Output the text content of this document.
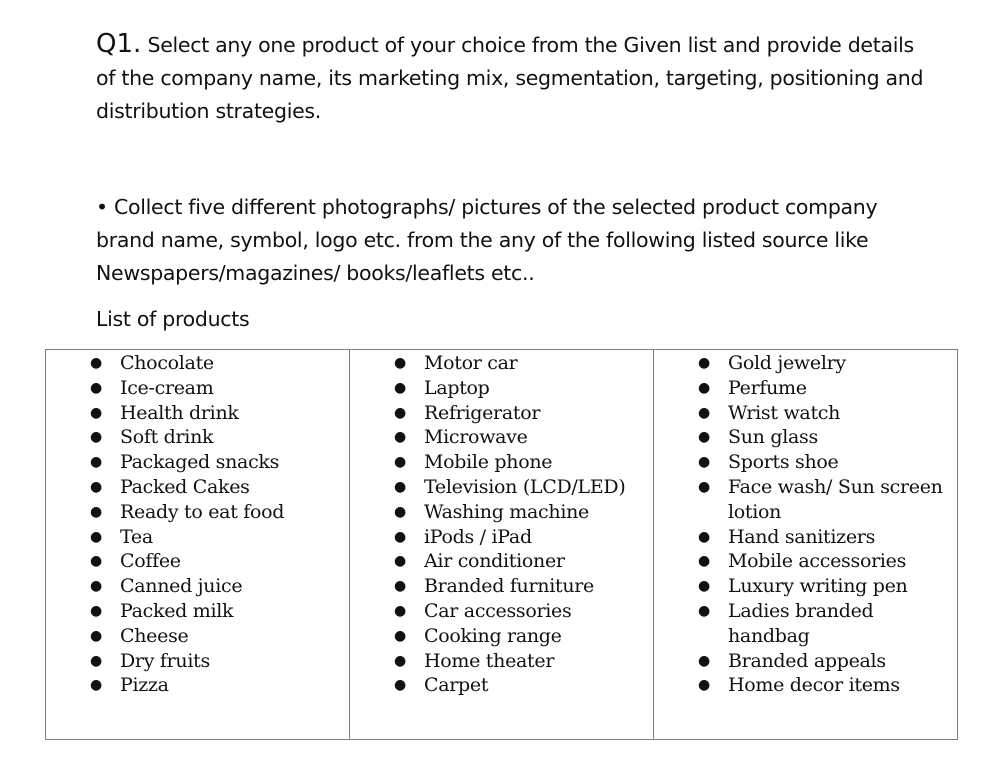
Q1. Select any one product of your choice from the Given list and provide details of the company name, its marketing mix, segmentation, targeting, positioning and distribution strategies.

• Collect five different photographs/ pictures of the selected product company brand name, symbol, logo etc. from the any of the following listed source like Newspapers/magazines/ books/leaflets etc..

List of products

● Chocolate
● Ice-cream
● Health drink
● Soft drink
● Packaged snacks
● Packed Cakes
● Ready to eat food
● Tea
● Coffee
● Canned juice
● Packed milk
● Cheese
● Dry fruits
● Pizza

● Motor car
● Laptop
● Refrigerator
● Microwave
● Mobile phone
● Television (LCD/LED)
● Washing machine
● iPods / iPad
● Air conditioner
● Branded furniture
● Car accessories
● Cooking range
● Home theater
● Carpet

● Gold jewelry
● Perfume
● Wrist watch
● Sun glass
● Sports shoe
● Face wash/ Sun screen lotion
● Hand sanitizers
● Mobile accessories
● Luxury writing pen
● Ladies branded handbag
● Branded appeals
● Home decor items
